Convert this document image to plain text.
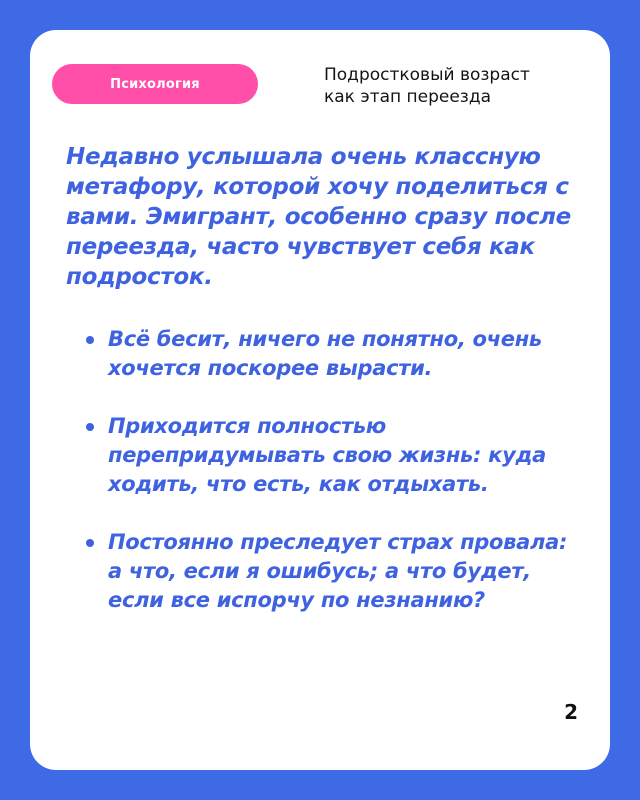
Психология	Подростковый возраст
как этап переезда

Недавно услышала очень классную метафору, которой хочу поделиться с вами. Эмигрант, особенно сразу после переезда, часто чувствует себя как подросток.

Всё бесит, ничего не понятно, очень хочется поскорее вырасти.
Приходится полностью перепридумывать свою жизнь: куда ходить, что есть, как отдыхать.
Постоянно преследует страх провала: а что, если я ошибусь; а что будет, если все испорчу по незнанию?
2
